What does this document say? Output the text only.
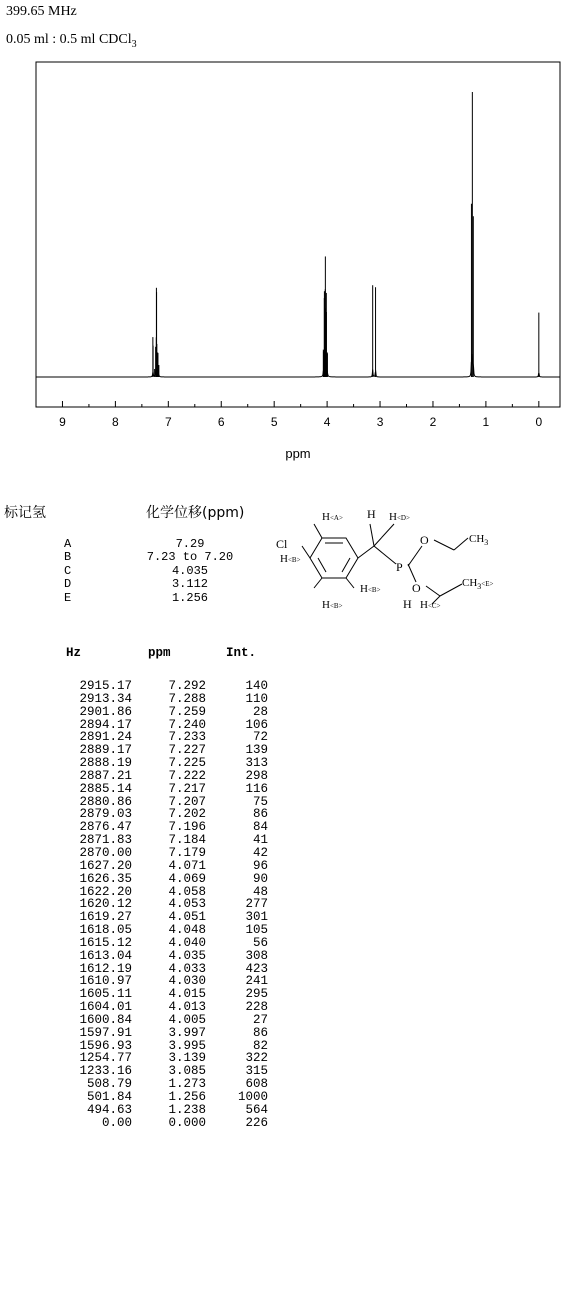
399.65 MHz
0.05 ml : 0.5 ml CDCl$_3$
9	8	7	6	5	4	3	2	1	0
ppm
标记氢	化学位移(ppm)
A	7.29
B	7.23 to 7.20
C	4.035
D	3.112
E	1.256
Cl
H<A> H H<D>
O	$CH_3$
P
H<B>
H<B>
H<B>
O	$CH_3^{<E>}$
H H<C>
Hz	ppm	Int.
2915.17	7.292	140
2913.34	7.288	110
2901.86	7.259	28
2894.17	7.240	106
2891.24	7.233	72
2889.17	7.227	139
2888.19	7.225	313
2887.21	7.222	298
2885.14	7.217	116
2880.86	7.207	75
2879.03	7.202	86
2876.47	7.196	84
2871.83	7.184	41
2870.00	7.179	42
1627.20	4.071	96
1626.35	4.069	90
1622.20	4.058	48
1620.12	4.053	277
1619.27	4.051	301
1618.05	4.048	105
1615.12	4.040	56
1613.04	4.035	308
1612.19	4.033	423
1610.97	4.030	241
1605.11	4.015	295
1604.01	4.013	228
1600.84	4.005	27
1597.91	3.997	86
1596.93	3.995	82
1254.77	3.139	322
1233.16	3.085	315
508.79	1.273	608
501.84	1.256	1000
494.63	1.238	564
0.00	0.000	226
